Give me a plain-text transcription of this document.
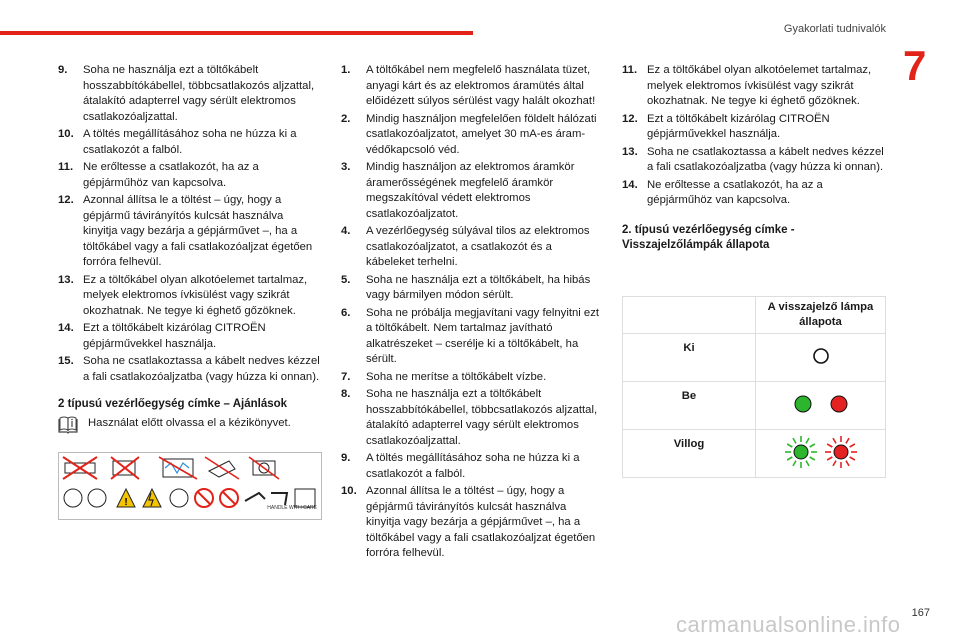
Gyakorlati tudnivalók
7
9. Soha ne használja ezt a töltőkábelt hosszabbítókábellel, többcsatlakozós aljzattal, átalakító adapterrel vagy sérült elektromos csatlakozóaljzattal.
10. A töltés megállításához soha ne húzza ki a csatlakozót a falból.
11. Ne erőltesse a csatlakozót, ha az a gépjárműhöz van kapcsolva.
12. Azonnal állítsa le a töltést – úgy, hogy a gépjármű távirányítós kulcsát használva kinyitja vagy bezárja a gépjárművet –, ha a töltőkábel vagy a fali csatlakozóaljzat égetően forróra felhevül.
13. Ez a töltőkábel olyan alkotóelemet tartalmaz, melyek elektromos ívkisülést vagy szikrát okozhatnak. Ne tegye ki éghető gőzöknek.
14. Ezt a töltőkábelt kizárólag CITROËN gépjárművekkel használja.
15. Soha ne csatlakoztassa a kábelt nedves kézzel a fali csatlakozóaljzatba (vagy húzza ki onnan).
2 típusú vezérlőegység címke – Ajánlások
Használat előtt olvassa el a kézikönyvet.
!	HANDLE WITH CARE
1. A töltőkábel nem megfelelő használata tüzet, anyagi kárt és az elektromos áramütés által előidézett súlyos sérülést vagy halált okozhat!
2. Mindig használjon megfelelően földelt hálózati csatlakozóaljzatot, amelyet 30 mA-es áram-védőkapcsoló véd.
3. Mindig használjon az elektromos áramkör áramerősségének megfelelő áramkör megszakítóval védett elektromos csatlakozóaljzatot.
4. A vezérlőegység súlyával tilos az elektromos csatlakozóaljzatot, a csatlakozót és a kábeleket terhelni.
5. Soha ne használja ezt a töltőkábelt, ha hibás vagy bármilyen módon sérült.
6. Soha ne próbálja megjavítani vagy felnyitni ezt a töltőkábelt. Nem tartalmaz javítható alkatrészeket – cserélje ki a töltőkábelt, ha sérült.
7. Soha ne merítse a töltőkábelt vízbe.
8. Soha ne használja ezt a töltőkábelt hosszabbítókábellel, többcsatlakozós aljzattal, átalakító adapterrel vagy sérült elektromos csatlakozóaljzattal.
9. A töltés megállításához soha ne húzza ki a csatlakozót a falból.
10. Azonnal állítsa le a töltést – úgy, hogy a gépjármű távirányítós kulcsát használva kinyitja vagy bezárja a gépjárművet –, ha a töltőkábel vagy a fali csatlakozóaljzat égetően forróra felhevül.
11. Ez a töltőkábel olyan alkotóelemet tartalmaz, melyek elektromos ívkisülést vagy szikrát okozhatnak. Ne tegye ki éghető gőzöknek.
12. Ezt a töltőkábelt kizárólag CITROËN gépjárművekkel használja.
13. Soha ne csatlakoztassa a kábelt nedves kézzel a fali csatlakozóaljzatba (vagy húzza ki onnan).
14. Ne erőltesse a csatlakozót, ha az a gépjárműhöz van kapcsolva.
2. típusú vezérlőegység címke - Visszajelzőlámpák állapota
	A visszajelző lámpa állapota
Ki	
Be	
Villog	
167
carmanualsonline.info
